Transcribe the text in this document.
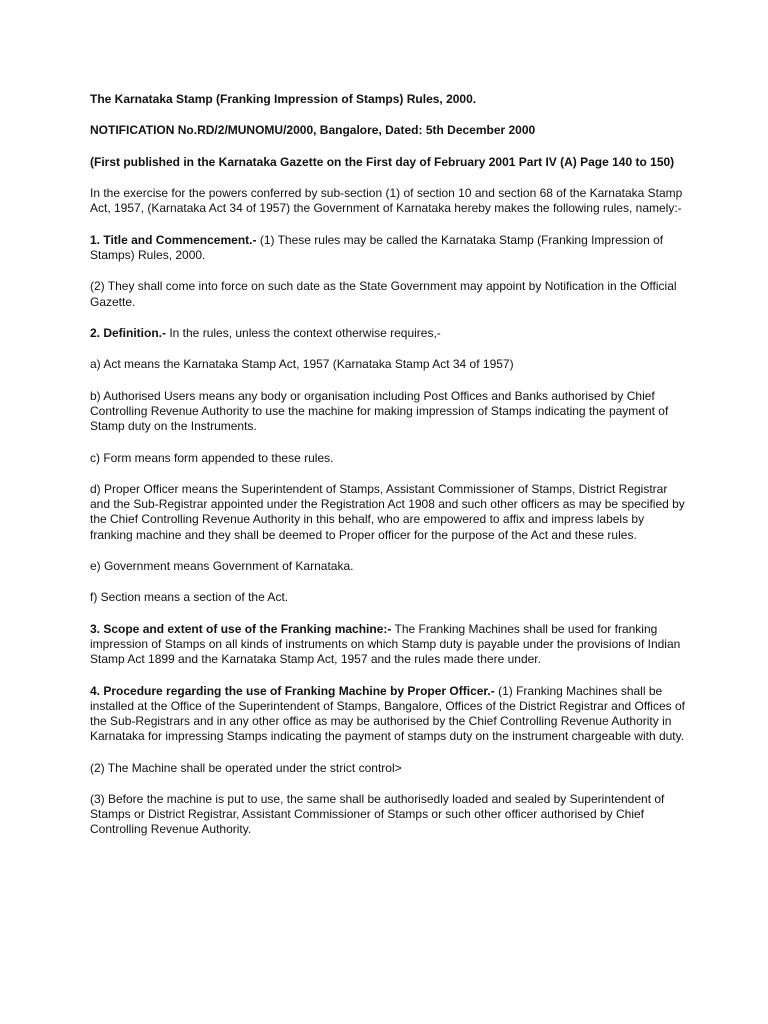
The Karnataka Stamp (Franking Impression of Stamps) Rules, 2000.

NOTIFICATION No.RD/2/MUNOMU/2000, Bangalore, Dated: 5th December 2000

(First published in the Karnataka Gazette on the First day of February 2001 Part IV (A) Page 140 to 150)

In the exercise for the powers conferred by sub-section (1) of section 10 and section 68 of the Karnataka Stamp Act, 1957, (Karnataka Act 34 of 1957) the Government of Karnataka hereby makes the following rules, namely:-

1. Title and Commencement.- (1) These rules may be called the Karnataka Stamp (Franking Impression of Stamps) Rules, 2000.

(2) They shall come into force on such date as the State Government may appoint by Notification in the Official Gazette.

2. Definition.- In the rules, unless the context otherwise requires,-

a) Act means the Karnataka Stamp Act, 1957 (Karnataka Stamp Act 34 of 1957)

b) Authorised Users means any body or organisation including Post Offices and Banks authorised by Chief Controlling Revenue Authority to use the machine for making impression of Stamps indicating the payment of Stamp duty on the Instruments.

c) Form means form appended to these rules.

d) Proper Officer means the Superintendent of Stamps, Assistant Commissioner of Stamps, District Registrar and the Sub-Registrar appointed under the Registration Act 1908 and such other officers as may be specified by the Chief Controlling Revenue Authority in this behalf, who are empowered to affix and impress labels by franking machine and they shall be deemed to Proper officer for the purpose of the Act and these rules.

e) Government means Government of Karnataka.

f) Section means a section of the Act.

3. Scope and extent of use of the Franking machine:- The Franking Machines shall be used for franking impression of Stamps on all kinds of instruments on which Stamp duty is payable under the provisions of Indian Stamp Act 1899 and the Karnataka Stamp Act, 1957 and the rules made there under.

4. Procedure regarding the use of Franking Machine by Proper Officer.- (1) Franking Machines shall be installed at the Office of the Superintendent of Stamps, Bangalore, Offices of the District Registrar and Offices of the Sub-Registrars and in any other office as may be authorised by the Chief Controlling Revenue Authority in Karnataka for impressing Stamps indicating the payment of stamps duty on the instrument chargeable with duty.

(2) The Machine shall be operated under the strict control>

(3) Before the machine is put to use, the same shall be authorisedly loaded and sealed by Superintendent of Stamps or District Registrar, Assistant Commissioner of Stamps or such other officer authorised by Chief Controlling Revenue Authority.
